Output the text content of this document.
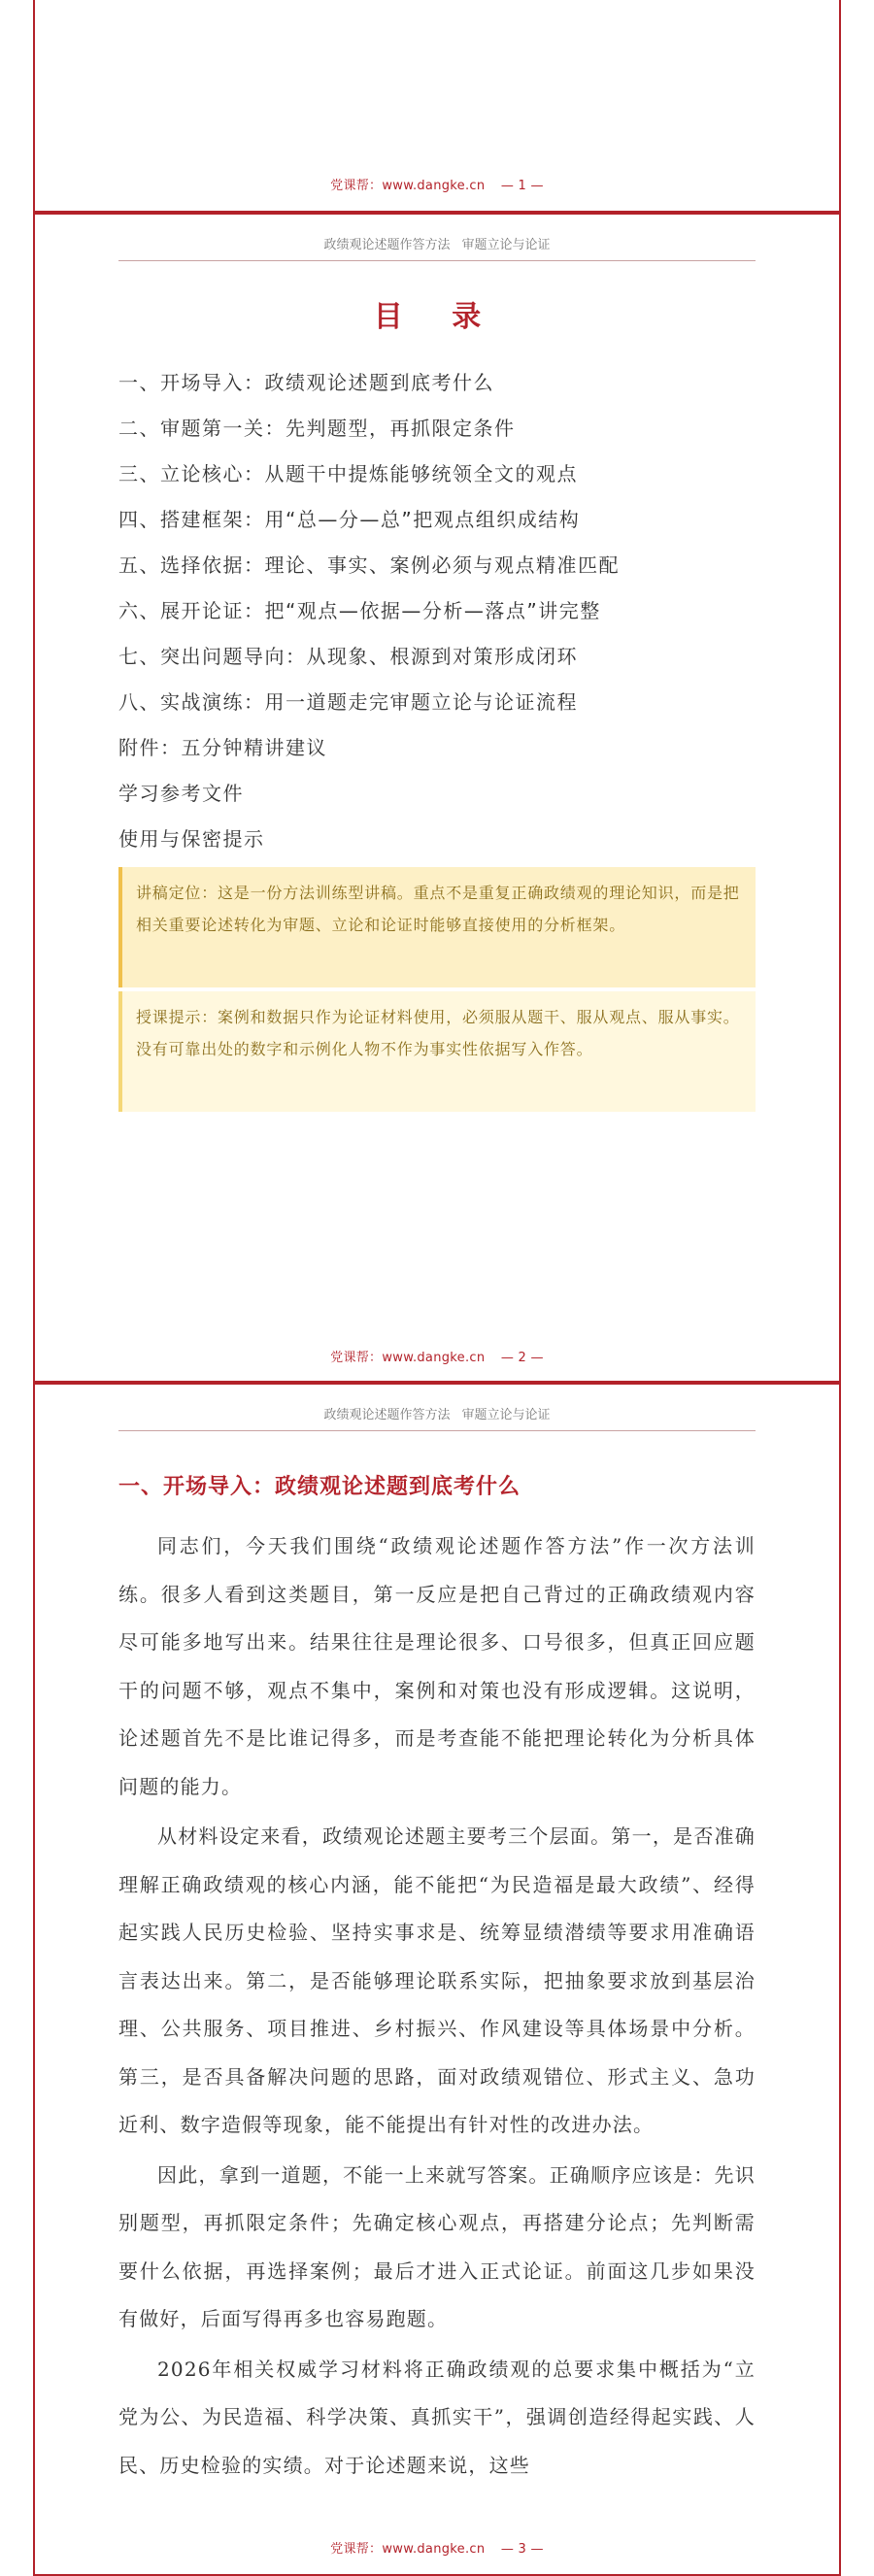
党课帮：www.dangke.cn — 1 —
政绩观论述题作答方法 审题立论与论证
目 录
一、开场导入：政绩观论述题到底考什么
二、审题第一关：先判题型，再抓限定条件
三、立论核心：从题干中提炼能够统领全文的观点
四、搭建框架：用“总—分—总”把观点组织成结构
五、选择依据：理论、事实、案例必须与观点精准匹配
六、展开论证：把“观点—依据—分析—落点”讲完整
七、突出问题导向：从现象、根源到对策形成闭环
八、实战演练：用一道题走完审题立论与论证流程
附件：五分钟精讲建议
学习参考文件
使用与保密提示
讲稿定位：这是一份方法训练型讲稿。重点不是重复正确政绩观的理论知识，而是把相关重要论述转化为审题、立论和论证时能够直接使用的分析框架。
授课提示：案例和数据只作为论证材料使用，必须服从题干、服从观点、服从事实。没有可靠出处的数字和示例化人物不作为事实性依据写入作答。
党课帮：www.dangke.cn — 2 —
政绩观论述题作答方法 审题立论与论证
一、开场导入：政绩观论述题到底考什么

同志们，今天我们围绕“政绩观论述题作答方法”作一次方法训练。很多人看到这类题目，第一反应是把自己背过的正确政绩观内容尽可能多地写出来。结果往往是理论很多、口号很多，但真正回应题干的问题不够，观点不集中，案例和对策也没有形成逻辑。这说明，论述题首先不是比谁记得多，而是考查能不能把理论转化为分析具体问题的能力。

从材料设定来看，政绩观论述题主要考三个层面。第一，是否准确理解正确政绩观的核心内涵，能不能把“为民造福是最大政绩”、经得起实践人民历史检验、坚持实事求是、统筹显绩潜绩等要求用准确语言表达出来。第二，是否能够理论联系实际，把抽象要求放到基层治理、公共服务、项目推进、乡村振兴、作风建设等具体场景中分析。第三，是否具备解决问题的思路，面对政绩观错位、形式主义、急功近利、数字造假等现象，能不能提出有针对性的改进办法。

因此，拿到一道题，不能一上来就写答案。正确顺序应该是：先识别题型，再抓限定条件；先确定核心观点，再搭建分论点；先判断需要什么依据，再选择案例；最后才进入正式论证。前面这几步如果没有做好，后面写得再多也容易跑题。

2026年相关权威学习材料将正确政绩观的总要求集中概括为“立党为公、为民造福、科学决策、真抓实干”，强调创造经得起实践、人民、历史检验的实绩。对于论述题来说，这些

党课帮：www.dangke.cn — 3 —
